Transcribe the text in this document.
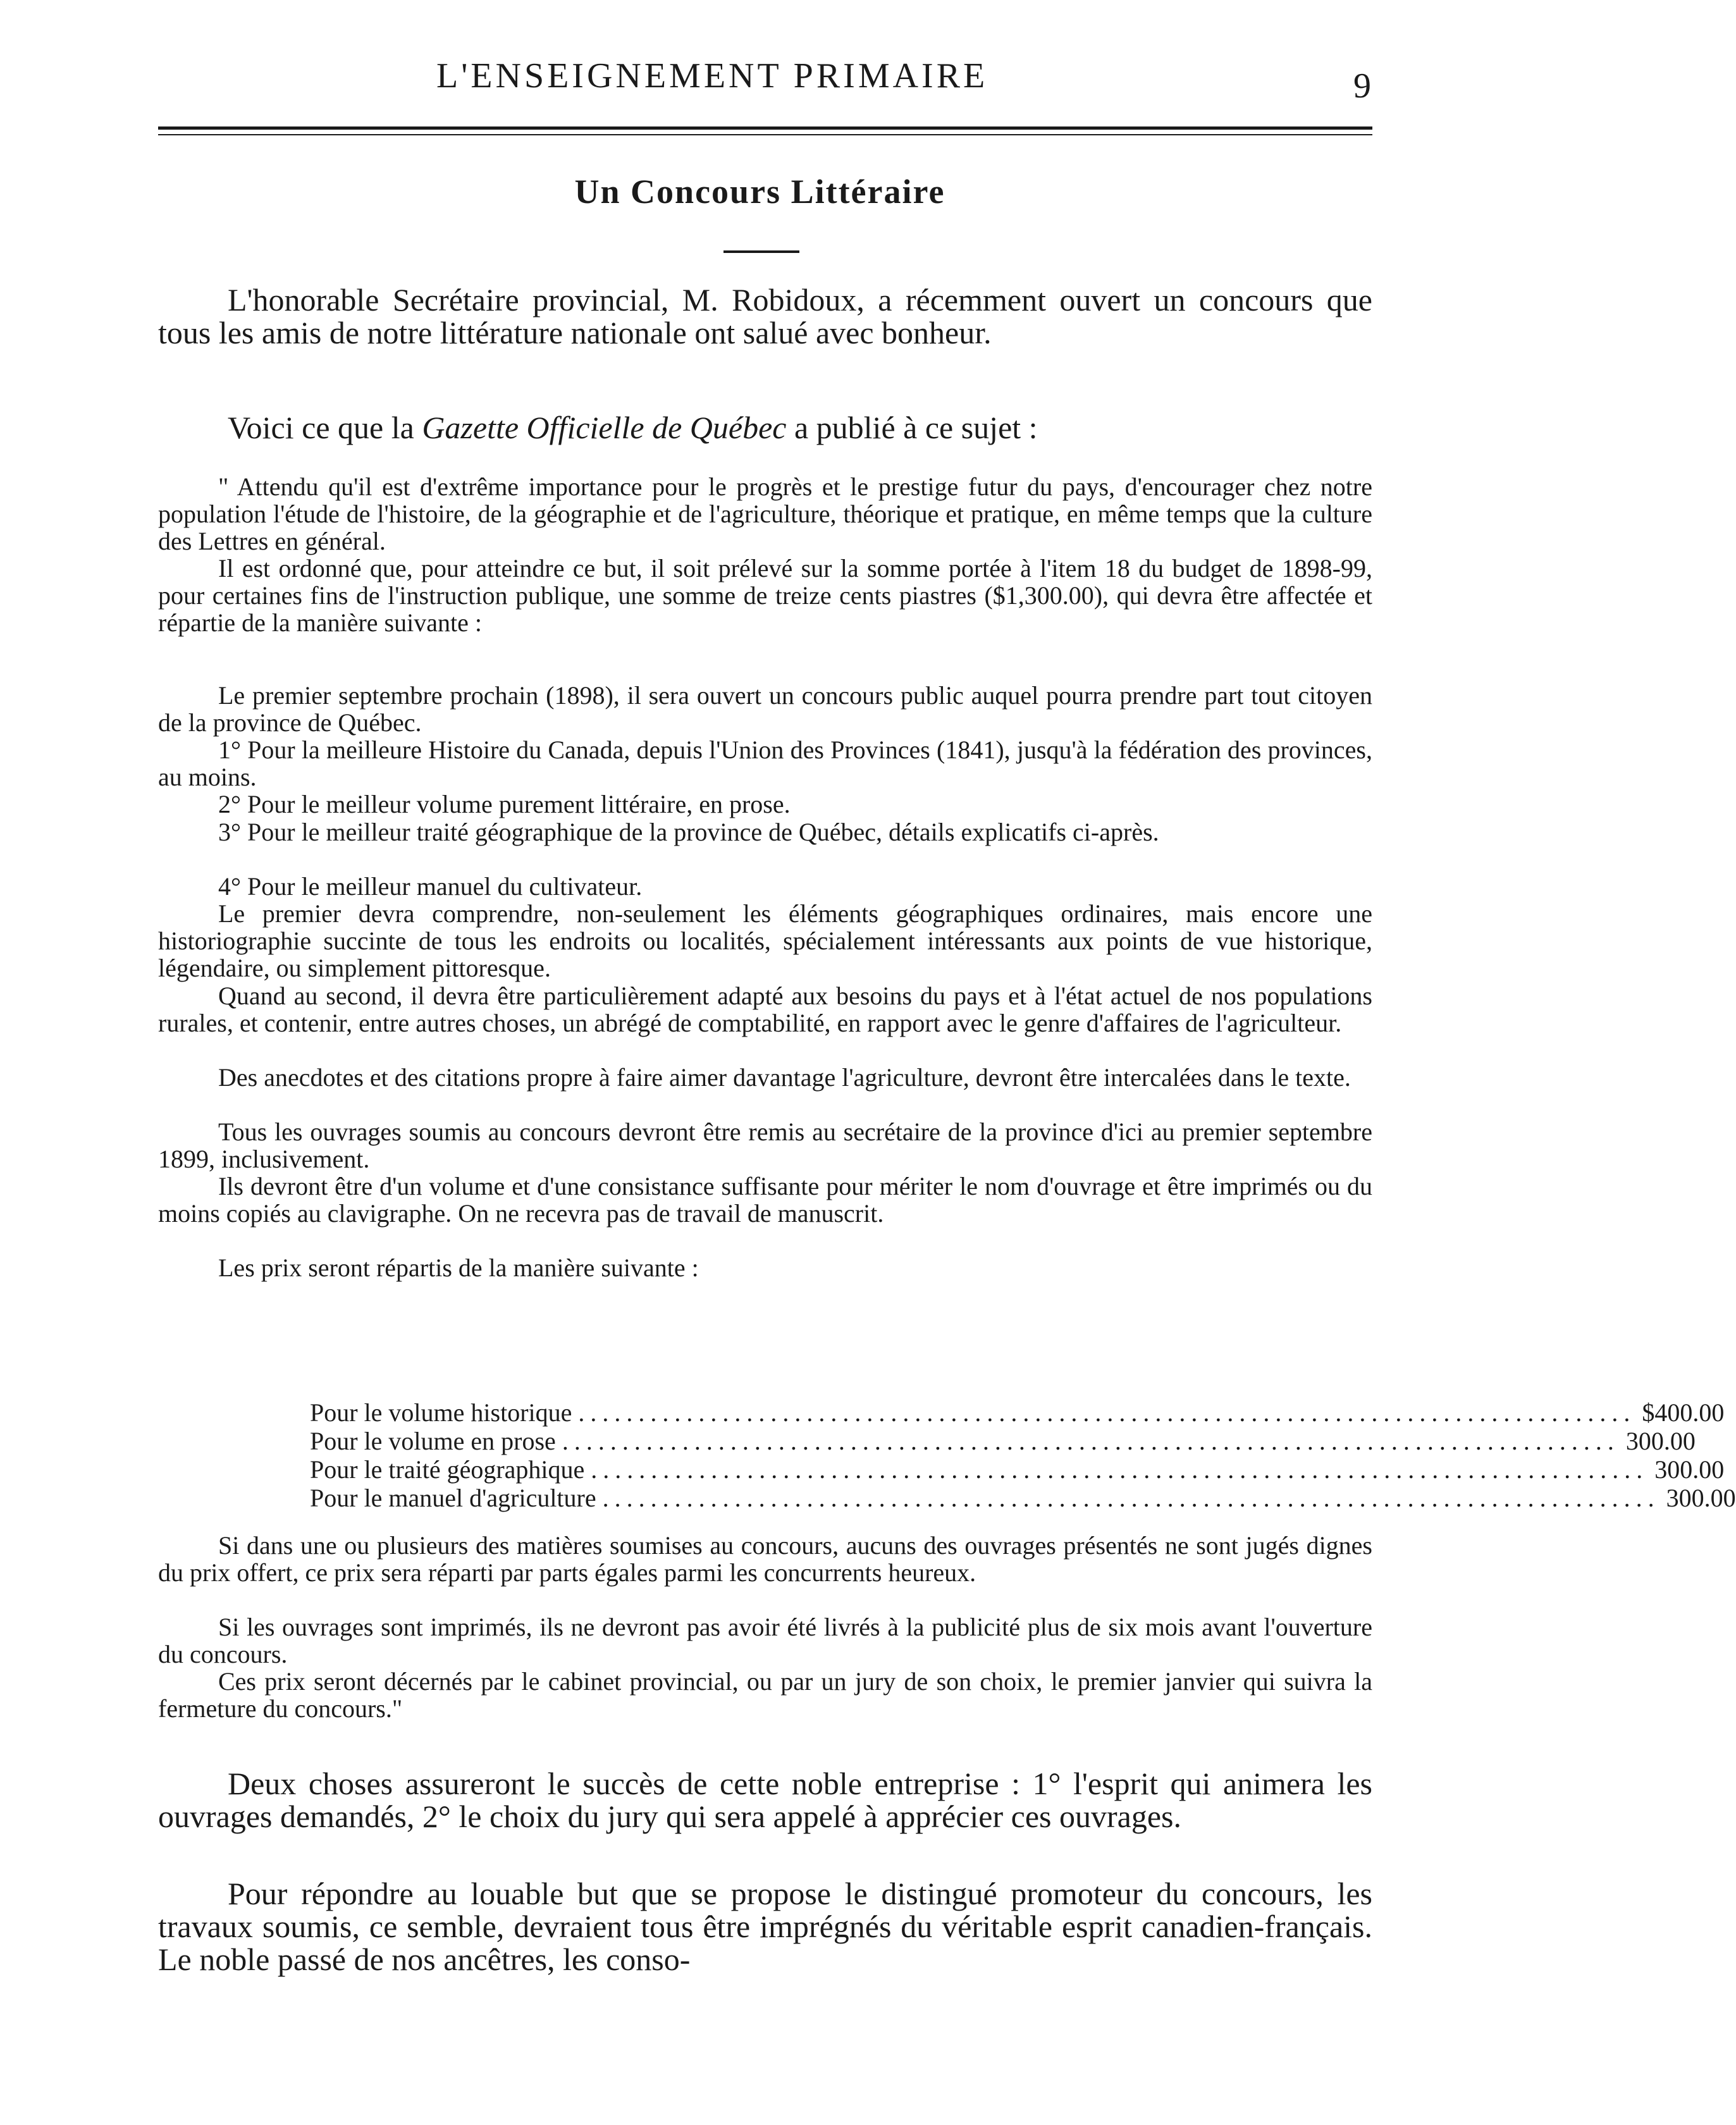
L'ENSEIGNEMENT PRIMAIRE	9
Un Concours Littéraire

L'honorable Secrétaire provincial, M. Robidoux, a récemment ouvert un concours que tous les amis de notre littérature nationale ont salué avec bonheur.

Voici ce que la Gazette Officielle de Québec a publié à ce sujet :

" Attendu qu'il est d'extrême importance pour le progrès et le prestige futur du pays, d'encourager chez notre population l'étude de l'histoire, de la géographie et de l'agriculture, théorique et pratique, en même temps que la culture des Lettres en général.

Il est ordonné que, pour atteindre ce but, il soit prélevé sur la somme portée à l'item 18 du budget de 1898-99, pour certaines fins de l'instruction publique, une somme de treize cents piastres ($1,300.00), qui devra être affectée et répartie de la manière suivante :

Le premier septembre prochain (1898), il sera ouvert un concours public auquel pourra prendre part tout citoyen de la province de Québec.

1° Pour la meilleure Histoire du Canada, depuis l'Union des Provinces (1841), jusqu'à la fédération des provinces, au moins.

2° Pour le meilleur volume purement littéraire, en prose.

3° Pour le meilleur traité géographique de la province de Québec, détails explicatifs ci-après.

4° Pour le meilleur manuel du cultivateur.

Le premier devra comprendre, non-seulement les éléments géographiques ordinaires, mais encore une historiographie succinte de tous les endroits ou localités, spécialement intéressants aux points de vue historique, légendaire, ou simplement pittoresque.

Quand au second, il devra être particulièrement adapté aux besoins du pays et à l'état actuel de nos populations rurales, et contenir, entre autres choses, un abrégé de comptabilité, en rapport avec le genre d'affaires de l'agriculteur.

Des anecdotes et des citations propre à faire aimer davantage l'agriculture, devront être intercalées dans le texte.

Tous les ouvrages soumis au concours devront être remis au secrétaire de la province d'ici au premier septembre 1899, inclusivement.

Ils devront être d'un volume et d'une consistance suffisante pour mériter le nom d'ouvrage et être imprimés ou du moins copiés au clavigraphe. On ne recevra pas de travail de manuscrit.

Les prix seront répartis de la manière suivante :

Pour le volume historique ........................................................................................ $400.00
Pour le volume en prose ........................................................................................ 300.00
Pour le traité géographique ........................................................................................ 300.00
Pour le manuel d'agriculture ........................................................................................ 300.00

Si dans une ou plusieurs des matières soumises au concours, aucuns des ouvrages présentés ne sont jugés dignes du prix offert, ce prix sera réparti par parts égales parmi les concurrents heureux.

Si les ouvrages sont imprimés, ils ne devront pas avoir été livrés à la publicité plus de six mois avant l'ouverture du concours.

Ces prix seront décernés par le cabinet provincial, ou par un jury de son choix, le premier janvier qui suivra la fermeture du concours."

Deux choses assureront le succès de cette noble entreprise : 1° l'esprit qui animera les ouvrages demandés, 2° le choix du jury qui sera appelé à apprécier ces ouvrages.

Pour répondre au louable but que se propose le distingué promoteur du concours, les travaux soumis, ce semble, devraient tous être imprégnés du véritable esprit canadien-français. Le noble passé de nos ancêtres, les conso-
